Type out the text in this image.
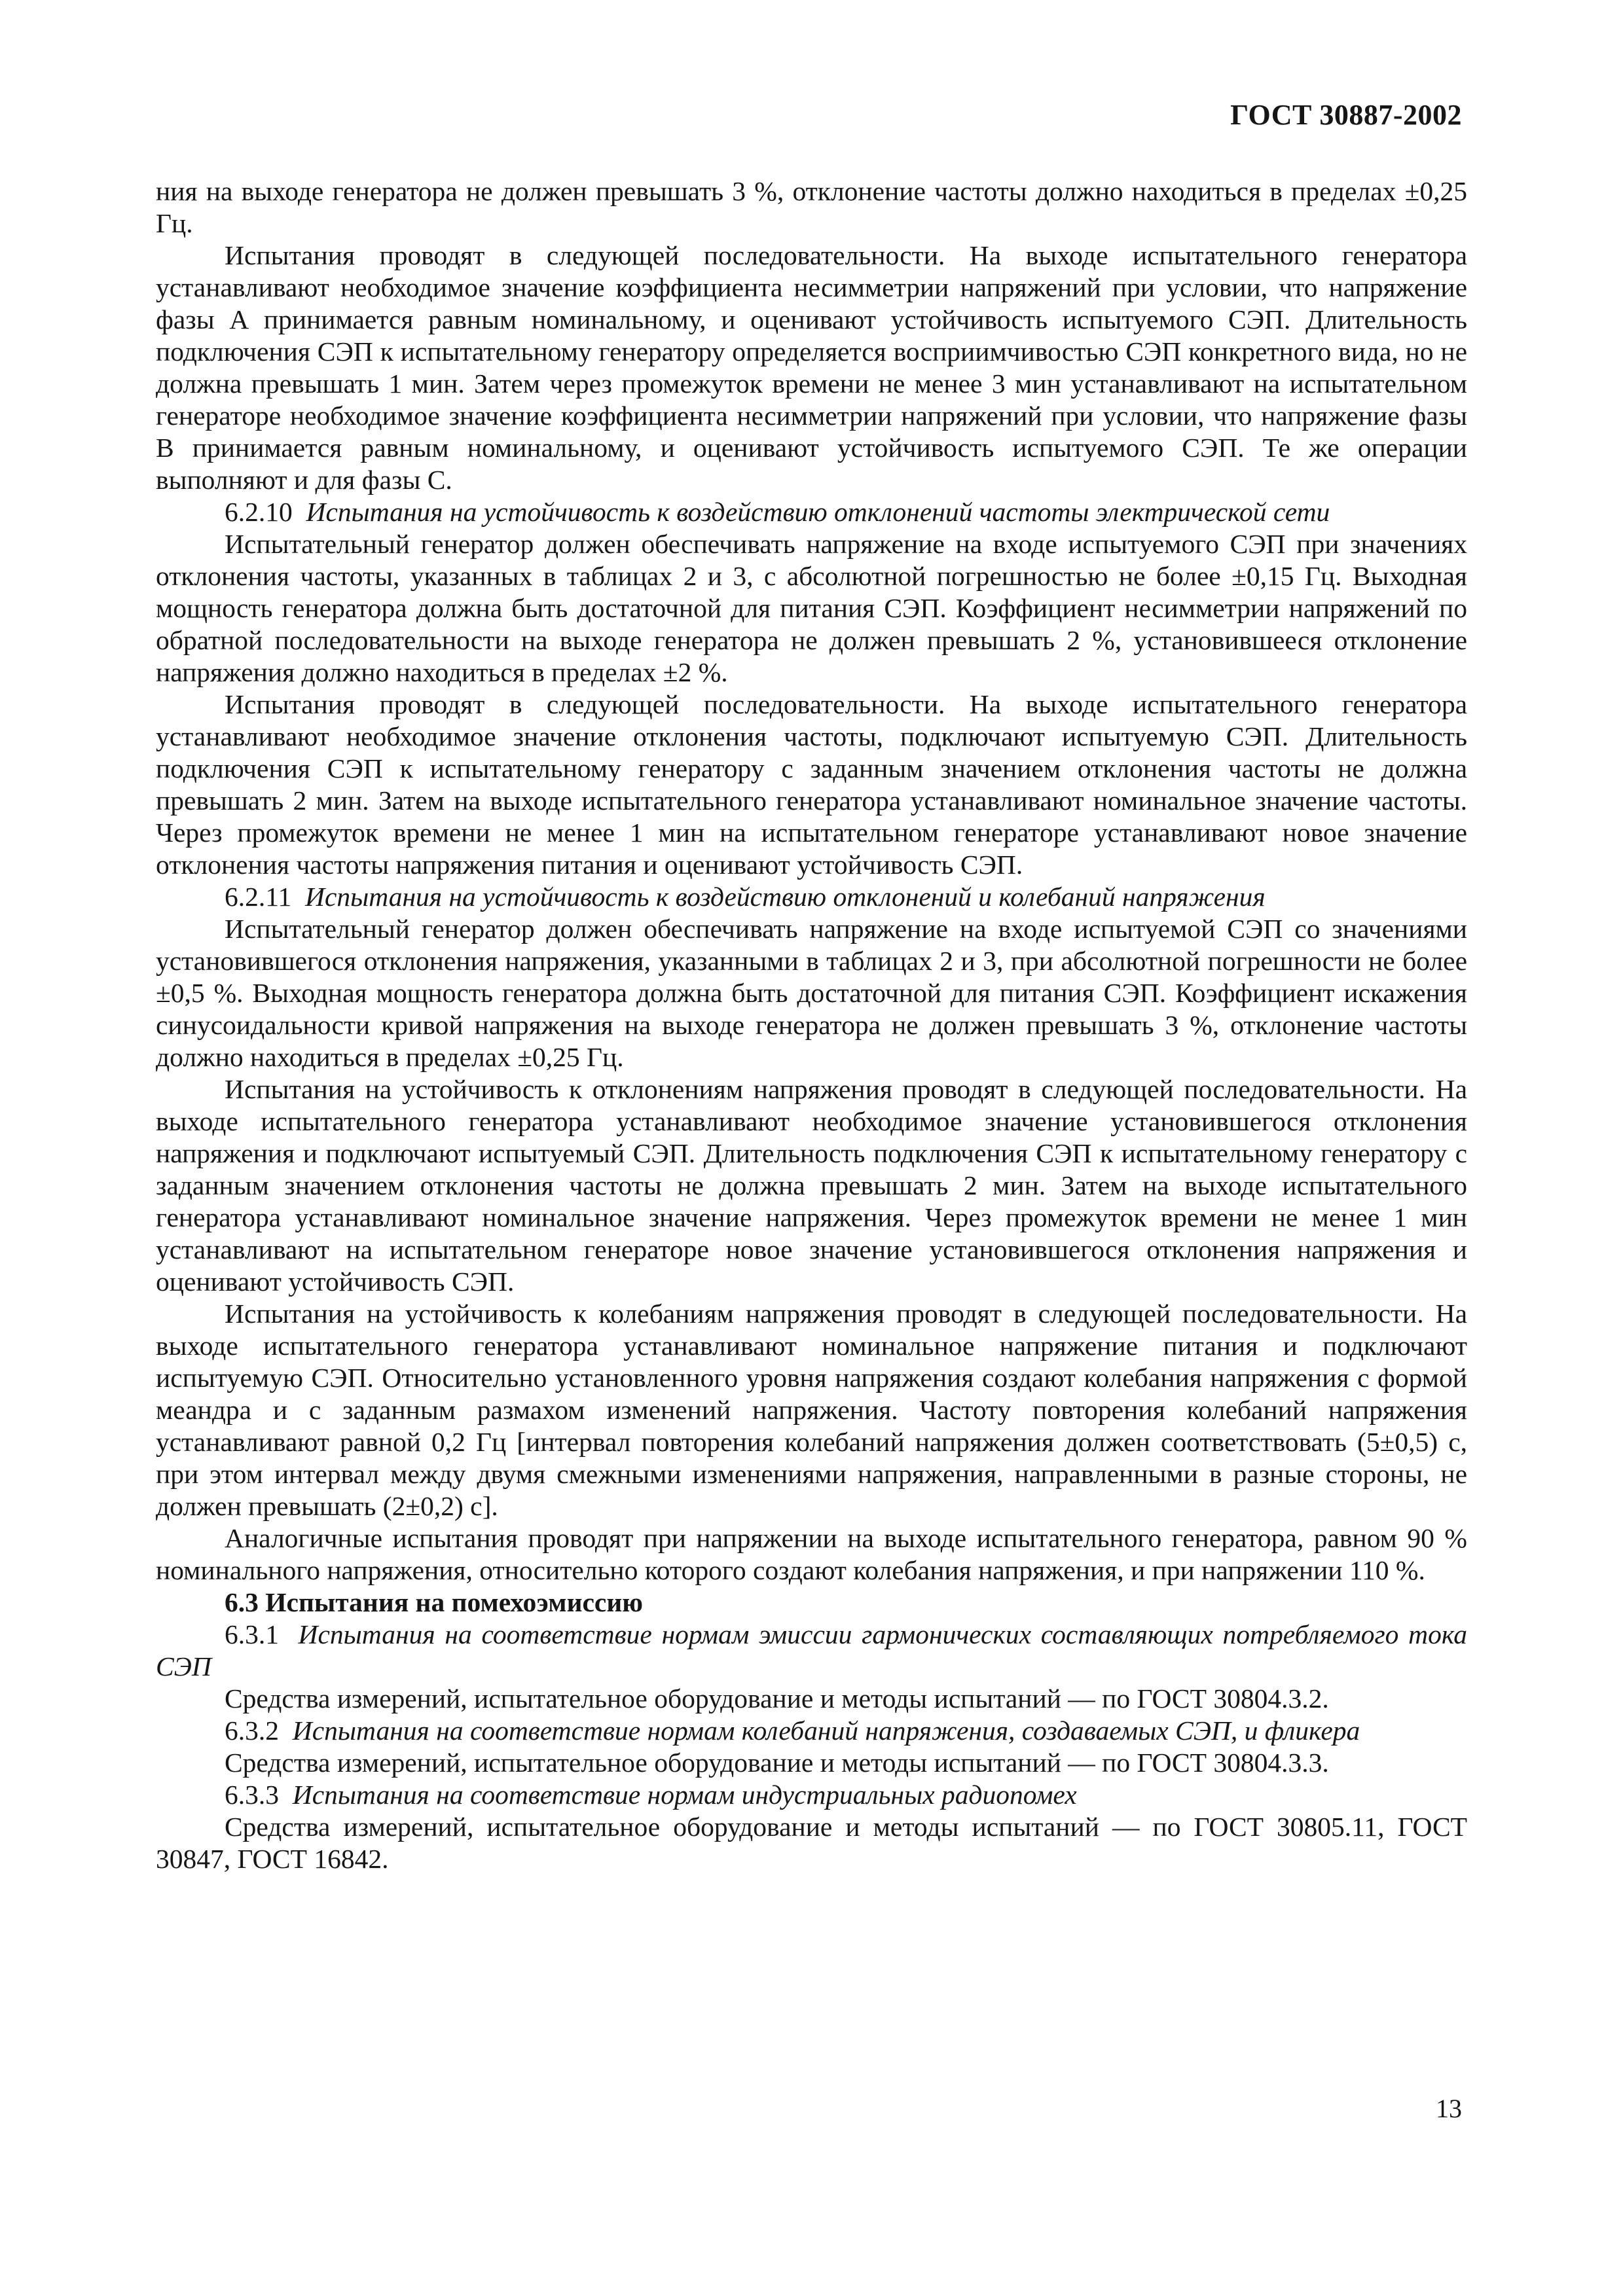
ГОСТ 30887-2002

ния на выходе генератора не должен превышать 3 %, отклонение частоты должно находиться в пределах ±0,25 Гц.

Испытания проводят в следующей последовательности. На выходе испытательного генератора устанавливают необходимое значение коэффициента несимметрии напряжений при условии, что напряжение фазы А принимается равным номинальному, и оценивают устойчивость испытуемого СЭП. Длительность подключения СЭП к испытательному генератору определяется восприимчивостью СЭП конкретного вида, но не должна превышать 1 мин. Затем через промежуток времени не менее 3 мин устанавливают на испытательном генераторе необходимое значение коэффициента несимметрии напряжений при условии, что напряжение фазы В принимается равным номинальному, и оценивают устойчивость испытуемого СЭП. Те же операции выполняют и для фазы С.

6.2.10 Испытания на устойчивость к воздействию отклонений частоты электрической сети

Испытательный генератор должен обеспечивать напряжение на входе испытуемого СЭП при значениях отклонения частоты, указанных в таблицах 2 и 3, с абсолютной погрешностью не более ±0,15 Гц. Выходная мощность генератора должна быть достаточной для питания СЭП. Коэффициент несимметрии напряжений по обратной последовательности на выходе генератора не должен превышать 2 %, установившееся отклонение напряжения должно находиться в пределах ±2 %.

Испытания проводят в следующей последовательности. На выходе испытательного генератора устанавливают необходимое значение отклонения частоты, подключают испытуемую СЭП. Длительность подключения СЭП к испытательному генератору с заданным значением отклонения частоты не должна превышать 2 мин. Затем на выходе испытательного генератора устанавливают номинальное значение частоты. Через промежуток времени не менее 1 мин на испытательном генераторе устанавливают новое значение отклонения частоты напряжения питания и оценивают устойчивость СЭП.

6.2.11 Испытания на устойчивость к воздействию отклонений и колебаний напряжения

Испытательный генератор должен обеспечивать напряжение на входе испытуемой СЭП со значениями установившегося отклонения напряжения, указанными в таблицах 2 и 3, при абсолютной погрешности не более ±0,5 %. Выходная мощность генератора должна быть достаточной для питания СЭП. Коэффициент искажения синусоидальности кривой напряжения на выходе генератора не должен превышать 3 %, отклонение частоты должно находиться в пределах ±0,25 Гц.

Испытания на устойчивость к отклонениям напряжения проводят в следующей последовательности. На выходе испытательного генератора устанавливают необходимое значение установившегося отклонения напряжения и подключают испытуемый СЭП. Длительность подключения СЭП к испытательному генератору с заданным значением отклонения частоты не должна превышать 2 мин. Затем на выходе испытательного генератора устанавливают номинальное значение напряжения. Через промежуток времени не менее 1 мин устанавливают на испытательном генераторе новое значение установившегося отклонения напряжения и оценивают устойчивость СЭП.

Испытания на устойчивость к колебаниям напряжения проводят в следующей последовательности. На выходе испытательного генератора устанавливают номинальное напряжение питания и подключают испытуемую СЭП. Относительно установленного уровня напряжения создают колебания напряжения с формой меандра и с заданным размахом изменений напряжения. Частоту повторения колебаний напряжения устанавливают равной 0,2 Гц [интервал повторения колебаний напряжения должен соответствовать (5±0,5) с, при этом интервал между двумя смежными изменениями напряжения, направленными в разные стороны, не должен превышать (2±0,2) с].

Аналогичные испытания проводят при напряжении на выходе испытательного генератора, равном 90 % номинального напряжения, относительно которого создают колебания напряжения, и при напряжении 110 %.

6.3 Испытания на помехоэмиссию

6.3.1 Испытания на соответствие нормам эмиссии гармонических составляющих потребляемого тока СЭП

Средства измерений, испытательное оборудование и методы испытаний — по ГОСТ 30804.3.2.

6.3.2 Испытания на соответствие нормам колебаний напряжения, создаваемых СЭП, и фликера

Средства измерений, испытательное оборудование и методы испытаний — по ГОСТ 30804.3.3.

6.3.3 Испытания на соответствие нормам индустриальных радиопомех

Средства измерений, испытательное оборудование и методы испытаний — по ГОСТ 30805.11, ГОСТ 30847, ГОСТ 16842.

13
